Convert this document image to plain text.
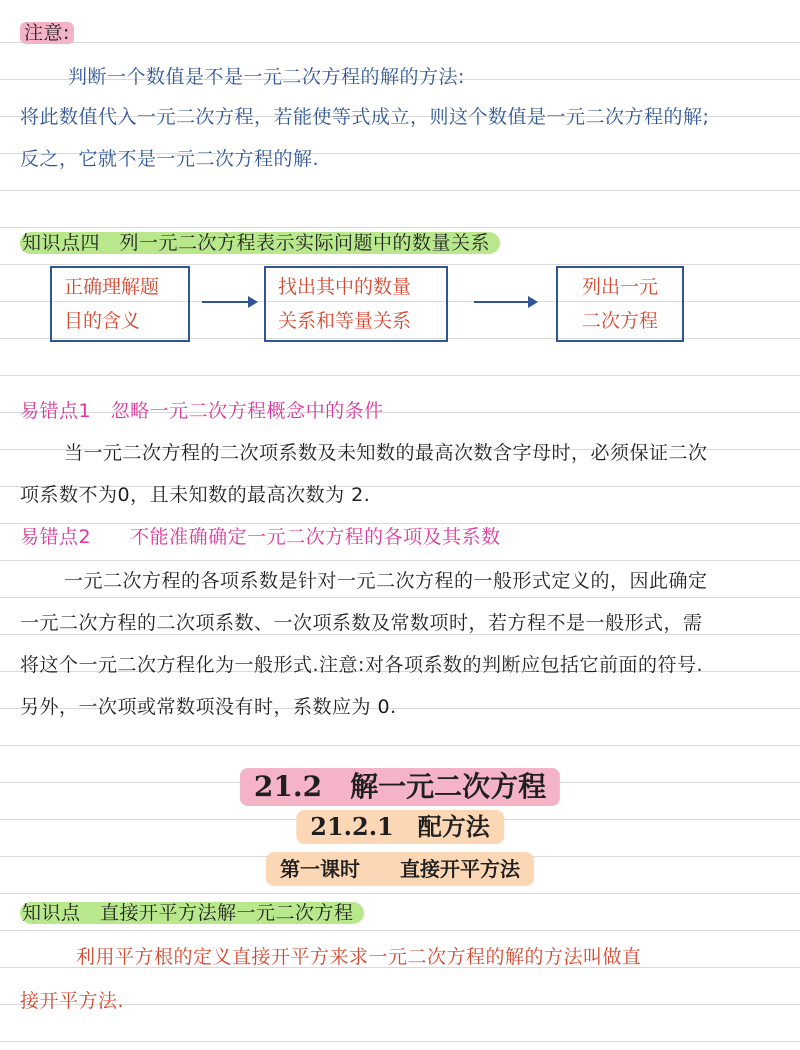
注意:
判断一个数值是不是一元二次方程的解的方法:
将此数值代入一元二次方程，若能使等式成立，则这个数值是一元二次方程的解;
反之，它就不是一元二次方程的解.
知识点四　列一元二次方程表示实际问题中的数量关系
正确理解题
目的含义
找出其中的数量
关系和等量关系
列出一元
二次方程
易错点1　忽略一元二次方程概念中的条件
当一元二次方程的二次项系数及未知数的最高次数含字母时，必须保证二次
项系数不为0，且未知数的最高次数为 2.
易错点2　　不能准确确定一元二次方程的各项及其系数
一元二次方程的各项系数是针对一元二次方程的一般形式定义的，因此确定
一元二次方程的二次项系数、一次项系数及常数项时，若方程不是一般形式，需
将这个一元二次方程化为一般形式.注意:对各项系数的判断应包括它前面的符号.
另外，一次项或常数项没有时，系数应为 0.
21.2　解一元二次方程
21.2.1　配方法
第一课时　　直接开平方法
知识点　直接开平方法解一元二次方程
利用平方根的定义直接开平方来求一元二次方程的解的方法叫做直
接开平方法.
